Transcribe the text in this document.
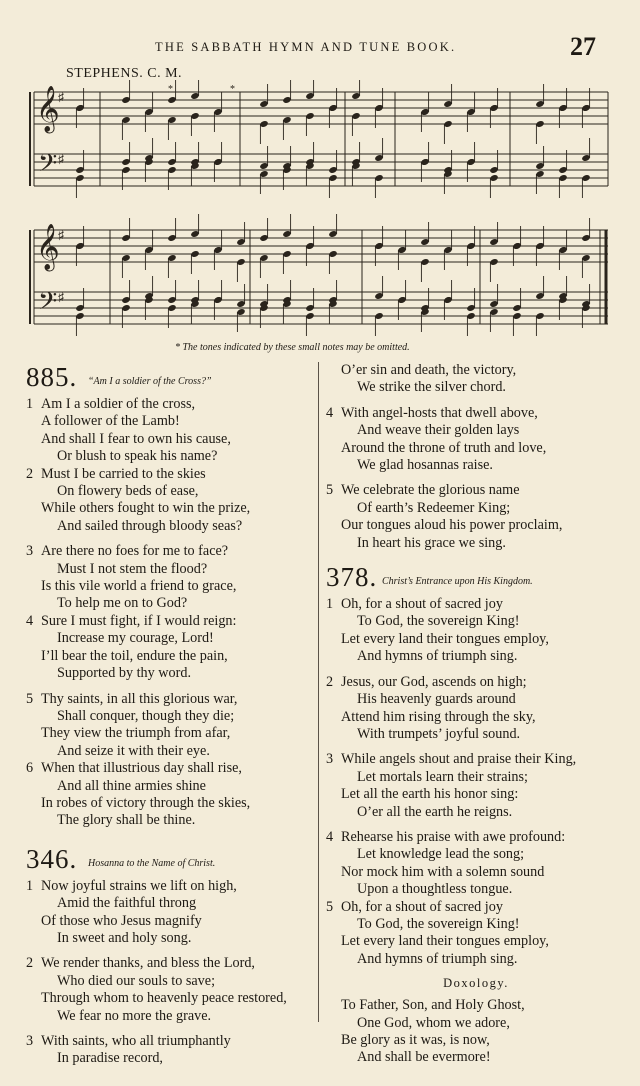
THE SABBATH HYMN AND TUNE BOOK.	27
STEPHENS. C. M.
𝄞
𝄢
♯
♯
𝄞
𝄢
♯
♯
*	*
* The tones indicated by these small notes may be omitted.
885. “Am I a soldier of the Cross?”
1 Am I a soldier of the cross,
A follower of the Lamb!
And shall I fear to own his cause,
Or blush to speak his name?
2 Must I be carried to the skies
On flowery beds of ease,
While others fought to win the prize,
And sailed through bloody seas?
3 Are there no foes for me to face?
Must I not stem the flood?
Is this vile world a friend to grace,
To help me on to God?
4 Sure I must fight, if I would reign:
Increase my courage, Lord!
I’ll bear the toil, endure the pain,
Supported by thy word.
5 Thy saints, in all this glorious war,
Shall conquer, though they die;
They view the triumph from afar,
And seize it with their eye.
6 When that illustrious day shall rise,
And all thine armies shine
In robes of victory through the skies,
The glory shall be thine.
346. Hosanna to the Name of Christ.
1 Now joyful strains we lift on high,
Amid the faithful throng
Of those who Jesus magnify
In sweet and holy song.
2 We render thanks, and bless the Lord,
Who died our souls to save;
Through whom to heavenly peace restored,
We fear no more the grave.
3 With saints, who all triumphantly
In paradise record,
O’er sin and death, the victory,
We strike the silver chord.
4 With angel-hosts that dwell above,
And weave their golden lays
Around the throne of truth and love,
We glad hosannas raise.
5 We celebrate the glorious name
Of earth’s Redeemer King;
Our tongues aloud his power proclaim,
In heart his grace we sing.
378. Christ’s Entrance upon His Kingdom.
1 Oh, for a shout of sacred joy
To God, the sovereign King!
Let every land their tongues employ,
And hymns of triumph sing.
2 Jesus, our God, ascends on high;
His heavenly guards around
Attend him rising through the sky,
With trumpets’ joyful sound.
3 While angels shout and praise their King,
Let mortals learn their strains;
Let all the earth his honor sing:
O’er all the earth he reigns.
4 Rehearse his praise with awe profound:
Let knowledge lead the song;
Nor mock him with a solemn sound
Upon a thoughtless tongue.
5 Oh, for a shout of sacred joy
To God, the sovereign King!
Let every land their tongues employ,
And hymns of triumph sing.
Doxology.
To Father, Son, and Holy Ghost,
One God, whom we adore,
Be glory as it was, is now,
And shall be evermore!
